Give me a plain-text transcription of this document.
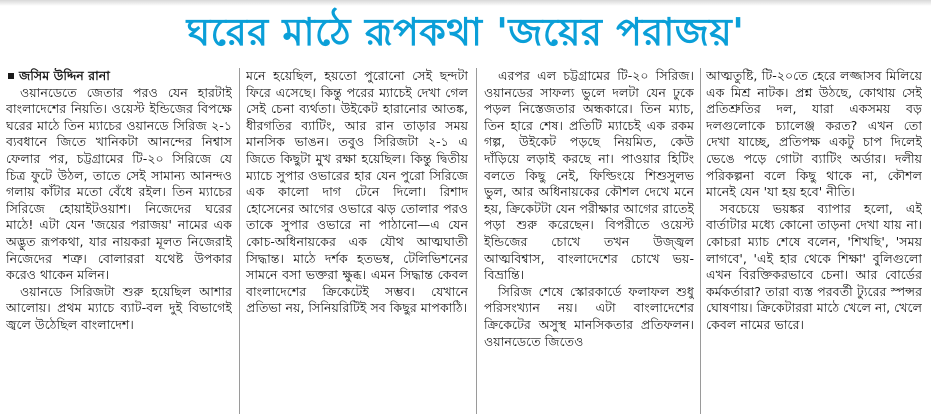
ঘরের মাঠে রূপকথা 'জয়ের পরাজয়'
জসিম উদ্দিন রানা

ওয়ানডেতে জেতার পরও যেন হারটাই বাংলাদেশের নিয়তি। ওয়েস্ট ইন্ডিজের বিপক্ষে ঘরের মাঠে তিন ম্যাচের ওয়ানডে সিরিজ ২-১ ব্যবধানে জিতে খানিকটা আনন্দের নিশ্বাস ফেলার পর, চট্টগ্রামের টি-২০ সিরিজে যে চিত্র ফুটে উঠল, তাতে সেই সামান্য আনন্দও গলায় কাঁটার মতো বেঁধে রইল। তিন ম্যাচের সিরিজে হোয়াইটওয়াশ। নিজেদের ঘরের মাঠে! এটা যেন 'জয়ের পরাজয়' নামের এক অদ্ভুত রূপকথা, যার নায়করা মূলত নিজেরাই নিজেদের শত্রু। বোলাররা যথেষ্ট উপকার করেও থাকেন মলিন।

ওয়ানডে সিরিজটা শুরু হয়েছিল আশার আলোয়। প্রথম ম্যাচে ব্যাট-বল দুই বিভাগেই জ্বলে উঠেছিল বাংলাদেশ।

মনে হয়েছিল, হয়তো পুরোনো সেই ছন্দটা ফিরে এসেছে। কিন্তু পরের ম্যাচেই দেখা গেল সেই চেনা ব্যর্থতা। উইকেট হারানোর আতঙ্ক, ধীরগতির ব্যাটিং, আর রান তাড়ার সময় মানসিক ভাঙন। তবুও সিরিজটা ২-১ এ জিতে কিছুটা মুখ রক্ষা হয়েছিল। কিন্তু দ্বিতীয় ম্যাচে সুপার ওভারের হার যেন পুরো সিরিজে এক কালো দাগ টেনে দিলো। রিশাদ হোসেনের আগের ওভারে ঝড় তোলার পরও তাকে সুপার ওভারে না পাঠানো—এ যেন কোচ-অধিনায়কের এক যৌথ আত্মঘাতী সিদ্ধান্ত। মাঠে দর্শক হতভম্ব, টেলিভিশনের সামনে বসা ভক্তরা ক্ষুব্ধ। এমন সিদ্ধান্ত কেবল বাংলাদেশের ক্রিকেটেই সম্ভব। যেখানে প্রতিভা নয়, সিনিয়রিটিই সব কিছুর মাপকাঠি।

এরপর এল চট্টগ্রামের টি-২০ সিরিজ। ওয়ানডের সাফল্য ভুলে দলটা যেন ঢুকে পড়ল নিস্তেজতার অন্ধকারে। তিন ম্যাচ, তিন হারে শেষ। প্রতিটি ম্যাচেই এক রকম গল্প, উইকেট পড়ছে নিয়মিত, কেউ দাঁড়িয়ে লড়াই করছে না। পাওয়ার হিটিং বলতে কিছু নেই, ফিল্ডিংয়ে শিশুসুলভ ভুল, আর অধিনায়কের কৌশল দেখে মনে হয়, ক্রিকেটটা যেন পরীক্ষার আগের রাতেই পড়া শুরু করেছেন। বিপরীতে ওয়েস্ট ইন্ডিজের চোখে তখন উজ্জ্বল আত্মবিশ্বাস, বাংলাদেশের চোখে ভয়-বিভ্রান্তি।

সিরিজ শেষে স্কোরকার্ডে ফলাফল শুধু পরিসংখ্যান নয়। এটা বাংলাদেশের ক্রিকেটের অসুস্থ মানসিকতার প্রতিফলন। ওয়ানডেতে জিতেও

আত্মতুষ্টি, টি-২০তে হেরে লজ্জাসব মিলিয়ে এক মিশ্র নাটক। প্রশ্ন উঠছে, কোথায় সেই প্রতিশ্রুতির দল, যারা একসময় বড় দলগুলোকে চ্যালেঞ্জ করত? এখন তো দেখা যাচ্ছে, প্রতিপক্ষ একটু চাপ দিলেই ভেঙে পড়ে গোটা ব্যাটিং অর্ডার। দলীয় পরিকল্পনা বলে কিছু থাকে না, কৌশল মানেই যেন 'যা হয় হবে' নীতি।

সবচেয়ে ভয়ঙ্কর ব্যাপার হলো, এই বার্তাটার মধ্যে কোনো তাড়না দেখা যায় না। কোচরা ম্যাচ শেষে বলেন, 'শিখছি', 'সময় লাগবে', 'এই হার থেকে শিক্ষা' বুলিগুলো এখন বিরক্তিকরভাবে চেনা। আর বোর্ডের কর্মকর্তারা? তারা ব্যস্ত পরবর্তী ট্যুরের স্পন্সর ঘোষণায়। ক্রিকেটাররা মাঠে খেলে না, খেলে কেবল নামের ভারে।
